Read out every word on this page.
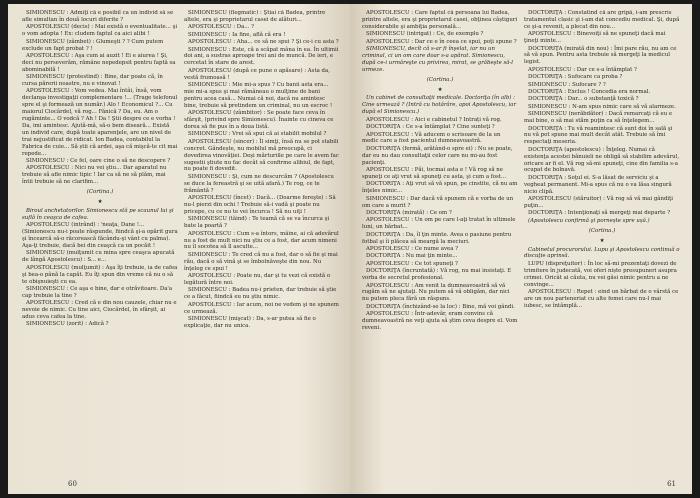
SIMIONESCU : Admiţi că e posibil ca un individ să se afle simultan în două locuri diferite ?

APOSTOLESCU (decis) : Mai există o eventualitate... şi o vom adopta ! Ex: cludem faptul ca aici alibi !

SIMIONESCU (zâmbet) : Glumeşti ? ? Cum putem exclude un fapt probat ? !

APOSTOLESCU : Aşa cum ai auzit ! Ei e aiurea ! Şi, deci nu perseverăm, rămâne nepedepsit pentru faptă sa abominabilă !

SIMIONESCU (protestind) : Bine, dar poate că, în cursa părerii noastre, nu e vinovat !

APOSTOLESCU : Vom vedea. Mai întâi, însă, vom declanşa investigaţii complementare !... (Trage telefonul spre el şi formează un număr.) Alo ! Economicul ?... Cu maiorul Ciocârdel, vă rog... Fănică ? Da, eu. Am o rugăminte... O vodcă ? Ah ! Da ! Ştii despre ce e vorba ! Da, imi amintesc. Ajută-mă, să-o bem diseară... Există un individ care, după toate aparenţele, are un nivel de trai nejustificat de ridicat. Ion Badea, contabilul la Fabrica de cuie... Să știi că ardei, aşa că mişcă-te cit mai repede...

SIMIONESCU : Ce fel, oare cine o să ne descopere ?

APOSTOLESCU : Nici nu vei ştiu... Dar aparatul nu trebuie să afle nimic tipic ! Iar ca să ne să plăm, mai întii trebuie să ne clarifim...

(Cortina.)

★

Biroul anchetatorilor. Simionescu stă pe scaunul lui şi suflă în ceaşca de cafea.

APOSTOLESCU (intrând) : 'neaţa, Dane !... (Simionescu nu-i poate răspunde, fiindcă şi-a opărit gura şi încearcă să-o răcorească făcându-şi vânt cu palma). Aşa-ţi trebuie, dacă bei din ceaşcă ca un pocăit !

SIMIONESCU (mulţumit cu mina spre ceaşca apucată de lângă Apostolescu) : S... e...

APOSTOLESCU (mulţumit) : Aşa îţi trebuie, ia de cafea şi bea-o până la capăt. Eu îţi spun din vreme că nu o să te obişnuieşti cu ea.

SIMIONESCU : Ce aşa e bine, dar e otrăvitoare. Da'a cap trebuie la tine ?

APOSTOLESCU : Cred că e din nou cauzele, chiar nu e nevoie de nimic. Cu tine aici, Ciocârdel, în sfârşit, ai adus ceva cafea la tine.

SIMIONESCU (zorit) : Adică ?

SIMIONESCU (flegmatic) : Ştiai că Badea, printre altele, era şi proprietarul casei de alături...

APOSTOLESCU : Da... ?

SIMIONESCU : Ia fine, află că era !

APOSTOLESCU : Aha... ce să ne spui ? Şi ce-i cu asta ?

SIMIONESCU : Este, că a scăpat mâna în ea. În ultimii doi ani, a sustras aproape trei ani de muncă. De ieri, e cercetat în stare de arest.

APOSTOLESCU (după ce pune o apăsare) : Asta da, vestă frumoasă !

SIMIONESCU : Mie mi-a spus ? Cu banii asta era... mie mi-a spus şi mai rămâneau o mulţime de bani pentru acea casă... Numai că noi, dacă nu amintesc bine, trebuie să pretindem un criminal, nu un escroc !

APOSTOLESCU (zâmbitor) : Se poate face ceva în sfârşit, (privind spre Simionescu). Înainte cu cineva ce dorea să fie pus în a doua listă.

SIMIONESCU : Vrei să spui că ai stabilit mobilul ?

APOSTOLESCU (sincer) : Îl simţi, însă nu se pot stabili concret. Gândește, nu mobilul mă preocupă, ci dovedirea vinovăţiei. Deşi mărturiile pe care le avem fac sugestii ştiute nu fac decât să confirme alibiul, de fapt, nu poate fi dovedit.

SIMIONESCU : Şi, cum ne descurcăm ? (Apostolescu se duce la fereastră şi se uită afară.) Te rog, ce te frământă ?

APOSTOLESCU (încet) : Dacă... (Doarme fereşte) : Să nu-l pierzi din ochi ! Trebuie să-i vadă şi poate nu pricepe, cu ce nu te vei încurca ! Să nu uiţi !

SIMIONESCU (tăind) : Te teamă că se va încurca şi bate la poartă ?

APOSTOLESCU : Cum s-a întors, mâine, ai că adevărul nu a fost de mult nici nu ştiu ce a fost, dar acum nimeni nu îl socotea să îl asculte...

SIMIONESCU : Te cred că nu a fost, dar o să fie şi mai rău, dacă o să vină şi se îmbolnăveşte din nou. Nu înţeleg ce spui !

APOSTOLESCU : Poate nu, dar şi tu vezi că există o legătură între noi.

SIMIONESCU : Badea nu-i prieten, dar trebuie să ştie ce a făcut, fiindcă eu nu ştiu nimic.

APOSTOLESCU : Iar acum, noi ne vedem şi ne spunem ce urmează.

SIMIONESCU (mişcat) : Da, s-ar putea să fie o explicaţie, dar nu unica.

60

APOSTOLESCU : Care faptul că persoana lui Badea, printre altele, era şi proprietarul casei, obţinea câștiguri considerabile şi ambiţia personală...

SIMIONESCU (intrigat) : Ce, de exemplu ?

APOSTOLESCU : Dar ce e în ceea ce spui, poţi spune ?

SIMIONESCU, decît că s-ar fi înşelat, iar nu un criminal, ci un om care doar s-a apărat. Simionescu, după ce-i urmăreşte cu privirea, mirat, se grăbeşte să-l urmeze.

(Cortina.)

★

Un cabinet de consultaţii medicale. Doctoriţa (în alb) : Cine urmează ? (Intră cu hotărâre, apoi Apostolescu, iar după el Simionescu.)

APOSTOLESCU : Aici e cabinetul ? Intrați vă rog.

DOCTORIŢA : Ce s-a întâmplat ? Cine sunteţi ?

APOSTOLESCU : Vă aducem o scrisoare de la un medic care a fost pacientul dumneavoastră.

DOCTORIŢA (fermă, arătând-o spre ei) : Nu se poate, dar eu nu dau consultaţii celor care nu mi-au fost pacienţi.

APOSTOLESCU : Păi, tocmai asta e ! Vă rog să ne spuneţi ce aţi vrut să spuneţi cu asta, şi cum a fost...

DOCTORIŢA : Aţi vrut să vă spun, pe cinstite, că nu am înţeles nimic...

SIMIONESCU : Dar dacă vă spunem că e vorba de un om care a murit ?

DOCTORIŢA (mirată) : Ce om ?

APOSTOLESCU : Un om pe care l-aţi tratat în ultimele luni, un bărbat...

DOCTORIŢA : Da, îl ţin minte. Avea o pasiune pentru fotbal şi îi plăcea să meargă la meciuri.

APOSTOLESCU : Ce nume avea ?

DOCTORIŢA : Nu mai ţin minte...

APOSTOLESCU : Ce tot spuneţi ?

DOCTORIŢA (încruntată) : Vă rog, nu mai insistaţi. E vorba de secretul profesional.

APOSTOLESCU : Am venit la dumneavoastră să vă rugăm să ne ajutaţi. Nu putem să vă obligăm, dar nici nu putem pleca fără un răspuns.

DOCTORIŢA (închizând-se la loc) : Bine, mă voi gândi.

APOSTOLESCU : Într-adevăr, eram convins că dumneavoastră ne veţi ajuta să ştim ceva despre el. Vom reveni.

DOCTORIŢA : Constatind că are gripă, i-am prescris tratamentul clasic şi i-am dat concediu medical. Şi, după ce şi-a revenit, a plecat din nou...

APOSTOLESCU : Binevoiţi să ne spuneţi dacă mai ţineţi minte...

DOCTORIŢA (mirată din nou) : Îmi pare rău, nu am ce să vă spun. Pentru asta trebuie să mergeţi la medicul legist.

APOSTOLESCU : Dar ce s-a întâmplat ?

DOCTORIŢA : Sufocare ca proba ?

SIMIONESCU : Sufocare ? ?

DOCTORIŢA : Exclus ! Concedia era normal.

DOCTORIŢA : Dar... o substanţă toxică ?

SIMIONESCU : N-am spus nimic care să vă alarmeze.

SIMIONESCU (nerăbdător) : Dacă remarcaţi că eu e mai bine, o să mai stăm puţin ca să înţelegem...

DOCTORIŢA : Tu vă reamintesc că sunt doi în sală şi nu vă pot spune mai mult decât atât. Trebuie să îmi respectaţi meseria.

DOCTORIŢA (apostolescu) : Înţeleg. Numai că existenţa acestei bănuieli ne obligă să stabilim adevărul, oricare ar fi el. Vă rog să-mi spuneţi, cine din familia s-a ocupat de bolnavă.

DOCTORIŢA : Soţul ei. S-a lăsat de serviciu şi a vegheat permanent. Mi-a spus că nu o va lăsa singură nicio clipă.

APOSTOLESCU (stăruitor) : Vă rog să vă mai gândiţi puţin...

DOCTORIŢA : Intenţionaţi să mergeţi mai departe ?

(Apostolescu confirmă şi pornește spre ușă.)

(Cortina.)

★

Cabinetul procurorului. Lupu şi Apostolescu continuă o discuţie aprinsă.

LUPU (dispreţuitor) : În loc să-mi prezentaţi dovezi de trimitere în judecată, voi oferi niște presupuneri asupra crimei. Oricât ai căuta, nu vei găsi nimic pentru a ne convinge...

APOSTOLESCU : Repet : eind un bărbat de o vârstă ce are un nou parteneriat cu alte femei care nu-l mai iubesc, se întâmplă...

61
